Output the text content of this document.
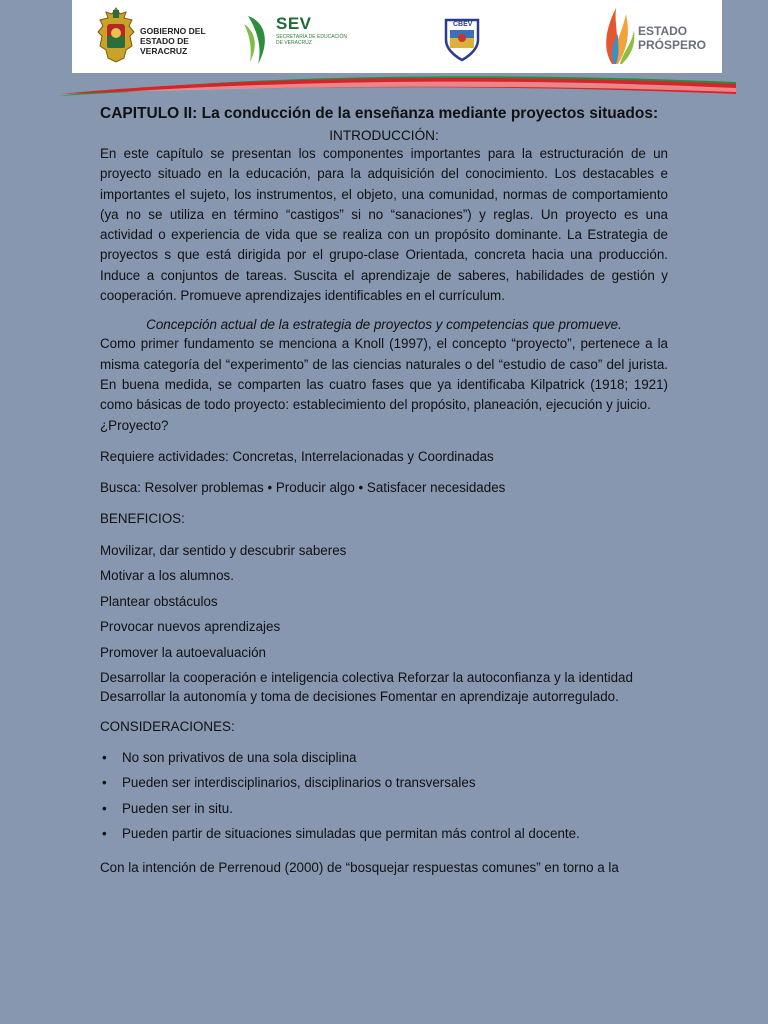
GOBIERNO DEL
ESTADO DE VERACRUZ
SEV
SECRETARÍA DE EDUCACIÓN
DE VERACRUZ
CBEV	ESTADO
PRÓSPERO
CAPITULO II: La conducción de la enseñanza mediante proyectos situados:
INTRODUCCIÓN:

En este capítulo se presentan los componentes importantes para la estructuración de un proyecto situado en la educación, para la adquisición del conocimiento. Los destacables e importantes el sujeto, los instrumentos, el objeto, una comunidad, normas de comportamiento (ya no se utiliza en término “castigos” si no “sanaciones”) y reglas. Un proyecto es una actividad o experiencia de vida que se realiza con un propósito dominante. La Estrategia de proyectos s que está dirigida por el grupo-clase Orientada, concreta hacia una producción. Induce a conjuntos de tareas. Suscita el aprendizaje de saberes, habilidades de gestión y cooperación. Promueve aprendizajes identificables en el currículum.

Concepción actual de la estrategia de proyectos y competencias que promueve.

Como primer fundamento se menciona a Knoll (1997), el concepto “proyecto”, pertenece a la misma categoría del “experimento” de las ciencias naturales o del “estudio de caso” del jurista. En buena medida, se comparten las cuatro fases que ya identificaba Kilpatrick (1918; 1921) como básicas de todo proyecto: establecimiento del propósito, planeación, ejecución y juicio.

¿Proyecto?

Requiere actividades: Concretas, Interrelacionadas y Coordinadas

Busca: Resolver problemas • Producir algo • Satisfacer necesidades

BENEFICIOS:

Movilizar, dar sentido y descubrir saberes

Motivar a los alumnos.

Plantear obstáculos

Provocar nuevos aprendizajes

Promover la autoevaluación

Desarrollar la cooperación e inteligencia colectiva Reforzar la autoconfianza y la identidad Desarrollar la autonomía y toma de decisiones Fomentar en aprendizaje autorregulado.

CONSIDERACIONES:

• No son privativos de una sola disciplina
• Pueden ser interdisciplinarios, disciplinarios o transversales
• Pueden ser in situ.
• Pueden partir de situaciones simuladas que permitan más control al docente.

Con la intención de Perrenoud (2000) de “bosquejar respuestas comunes” en torno a la
